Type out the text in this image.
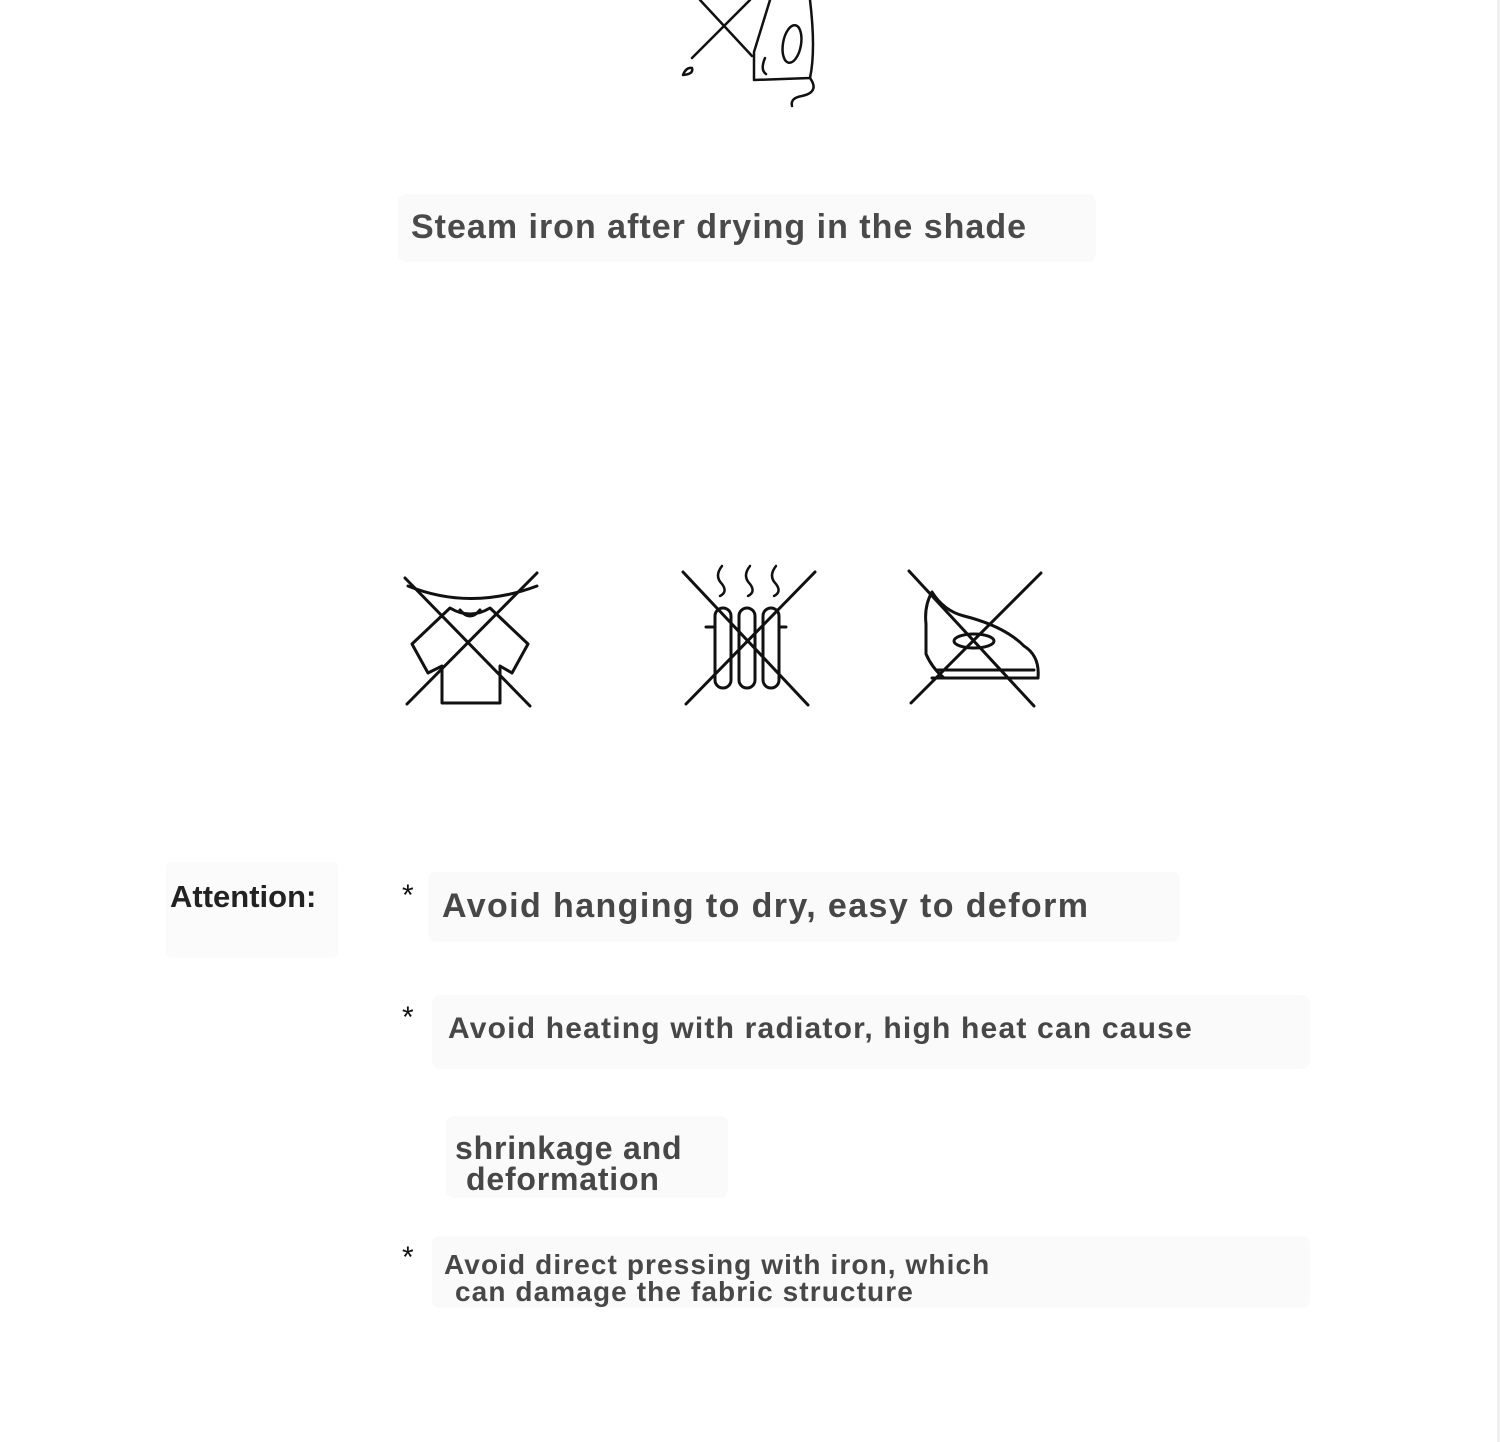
Steam iron after drying in the shade
Attention:	* Avoid hanging to dry, easy to deform
* Avoid heating with radiator, high heat can cause
shrinkage and
deformation
* Avoid direct pressing with iron, which
can damage the fabric structure
